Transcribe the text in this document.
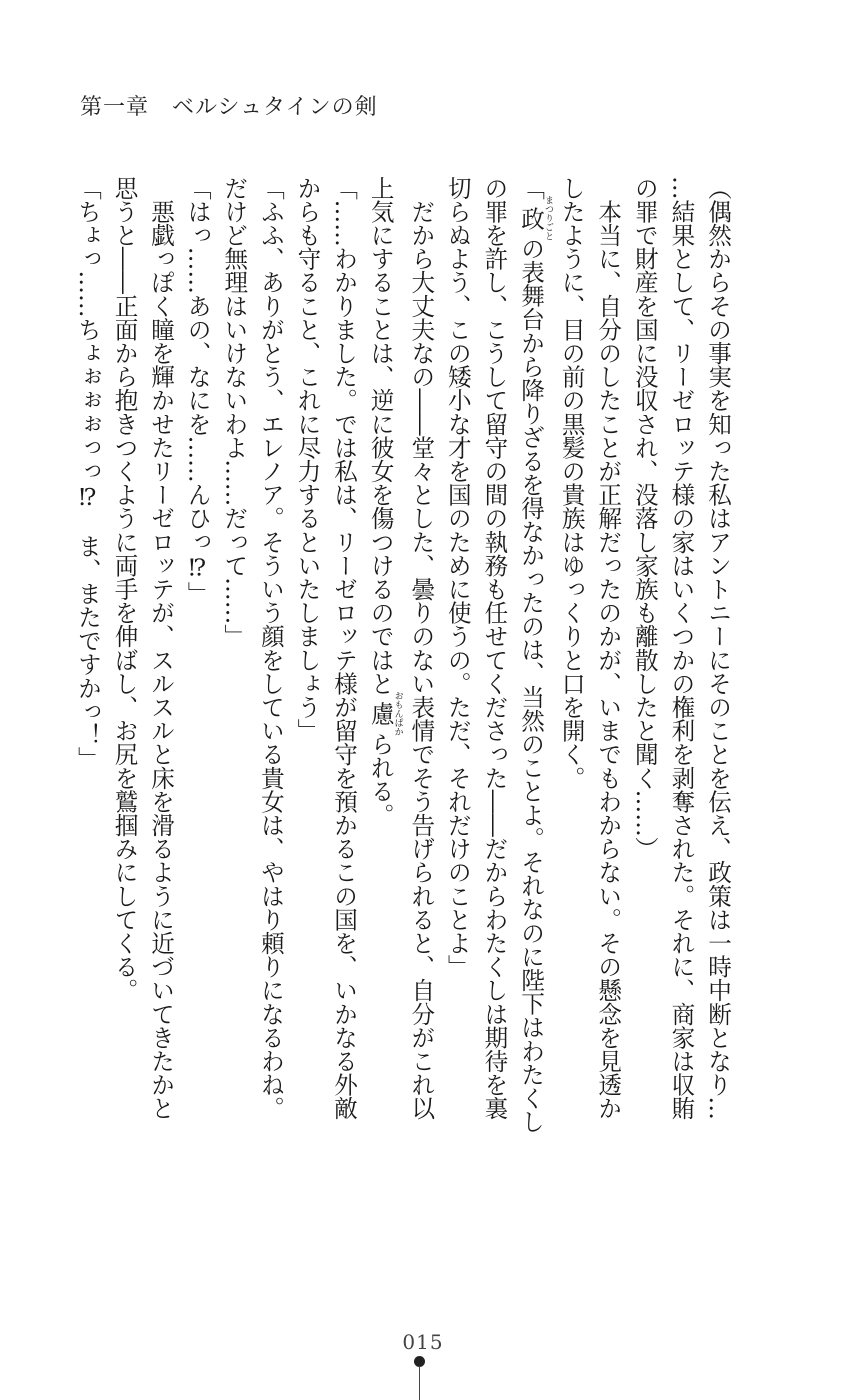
第一章　ベルシュタインの剣
（偶然からその事実を知った私はアントニーにそのことを伝え、政策は一時中断となり…
…結果として、リーゼロッテ様の家はいくつかの権利を剥奪された。それに、商家は収賄
の罪で財産を国に没収され、没落し家族も離散したと聞く……）
　本当に、自分のしたことが正解だったのかが、いまでもわからない。その懸念を見透か
したように、目の前の黒髪の貴族はゆっくりと口を開く。
「政まつりごとの表舞台から降りざるを得なかったのは、当然のことよ。それなのに陛下はわたくし
の罪を許し、こうして留守の間の執務も任せてくださった――だからわたくしは期待を裏
切らぬよう、この矮小な才を国のために使うの。ただ、それだけのことよ」
　だから大丈夫なの――堂々とした、曇りのない表情でそう告げられると、自分がこれ以
上気にすることは、逆に彼女を傷つけるのではと慮おもんぱかられる。
「……わかりました。では私は、リーゼロッテ様が留守を預かるこの国を、いかなる外敵
からも守ること、これに尽力するといたしましょう」
「ふふ、ありがとう、エレノア。そういう顔をしている貴女は、やはり頼りになるわね。
だけど無理はいけないわよ……だって……」
「はっ……あの、なにを……んひっ⁉」
　悪戯っぽく瞳を輝かせたリーゼロッテが、スルスルと床を滑るように近づいてきたかと
思うと――正面から抱きつくように両手を伸ばし、お尻を鷲掴みにしてくる。
「ちょっ……ちょぉぉぉっっ⁉　ま、またですかっ！」
015
